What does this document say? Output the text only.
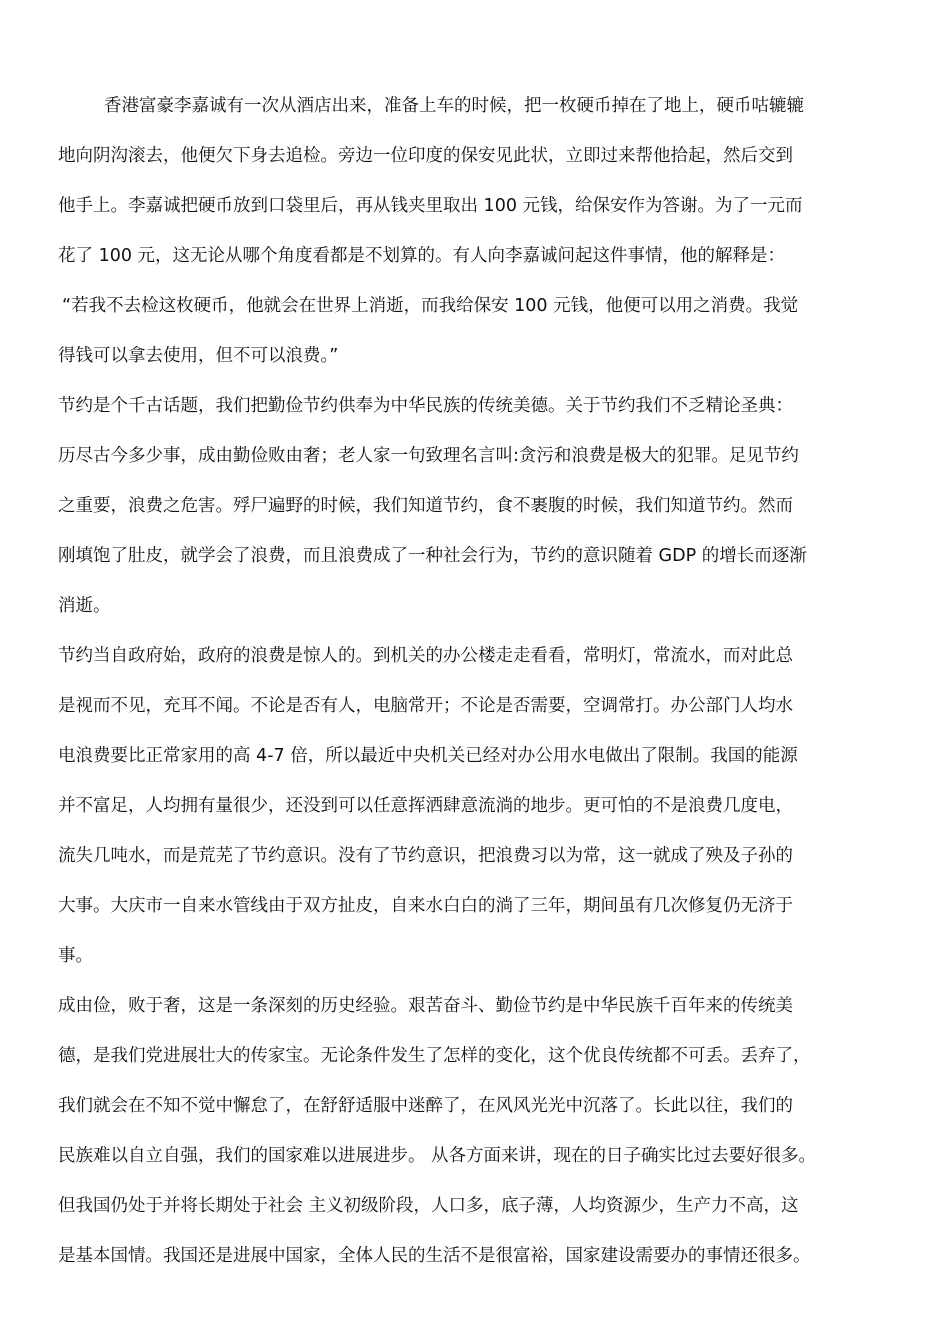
香港富豪李嘉诚有一次从酒店出来，准备上车的时候，把一枚硬币掉在了地上，硬币咕辘辘
地向阴沟滚去，他便欠下身去追检。旁边一位印度的保安见此状，立即过来帮他拾起，然后交到
他手上。李嘉诚把硬币放到口袋里后，再从钱夹里取出 100 元钱，给保安作为答谢。为了一元而
花了 100 元，这无论从哪个角度看都是不划算的。有人向李嘉诚问起这件事情，他的解释是：
“若我不去检这枚硬币，他就会在世界上消逝，而我给保安 100 元钱，他便可以用之消费。我觉
得钱可以拿去使用，但不可以浪费。”
节约是个千古话题，我们把勤俭节约供奉为中华民族的传统美德。关于节约我们不乏精论圣典：
历尽古今多少事，成由勤俭败由奢；老人家一句致理名言叫:贪污和浪费是极大的犯罪。足见节约
之重要，浪费之危害。殍尸遍野的时候，我们知道节约，食不裹腹的时候，我们知道节约。然而
刚填饱了肚皮，就学会了浪费，而且浪费成了一种社会行为，节约的意识随着 GDP 的增长而逐渐
消逝。
节约当自政府始，政府的浪费是惊人的。到机关的办公楼走走看看，常明灯，常流水，而对此总
是视而不见，充耳不闻。不论是否有人，电脑常开；不论是否需要，空调常打。办公部门人均水
电浪费要比正常家用的高 4-7 倍，所以最近中央机关已经对办公用水电做出了限制。我国的能源
并不富足，人均拥有量很少，还没到可以任意挥洒肆意流淌的地步。更可怕的不是浪费几度电，
流失几吨水，而是荒芜了节约意识。没有了节约意识，把浪费习以为常，这一就成了殃及子孙的
大事。大庆市一自来水管线由于双方扯皮，自来水白白的淌了三年，期间虽有几次修复仍无济于
事。
成由俭，败于奢，这是一条深刻的历史经验。艰苦奋斗、勤俭节约是中华民族千百年来的传统美
德，是我们党进展壮大的传家宝。无论条件发生了怎样的变化，这个优良传统都不可丢。丢弃了，
我们就会在不知不觉中懈怠了，在舒舒适服中迷醉了，在风风光光中沉落了。长此以往，我们的
民族难以自立自强，我们的国家难以进展进步。 从各方面来讲，现在的日子确实比过去要好很多。
但我国仍处于并将长期处于社会 主义初级阶段，人口多，底子薄，人均资源少，生产力不高，这
是基本国情。我国还是进展中国家，全体人民的生活不是很富裕，国家建设需要办的事情还很多。
